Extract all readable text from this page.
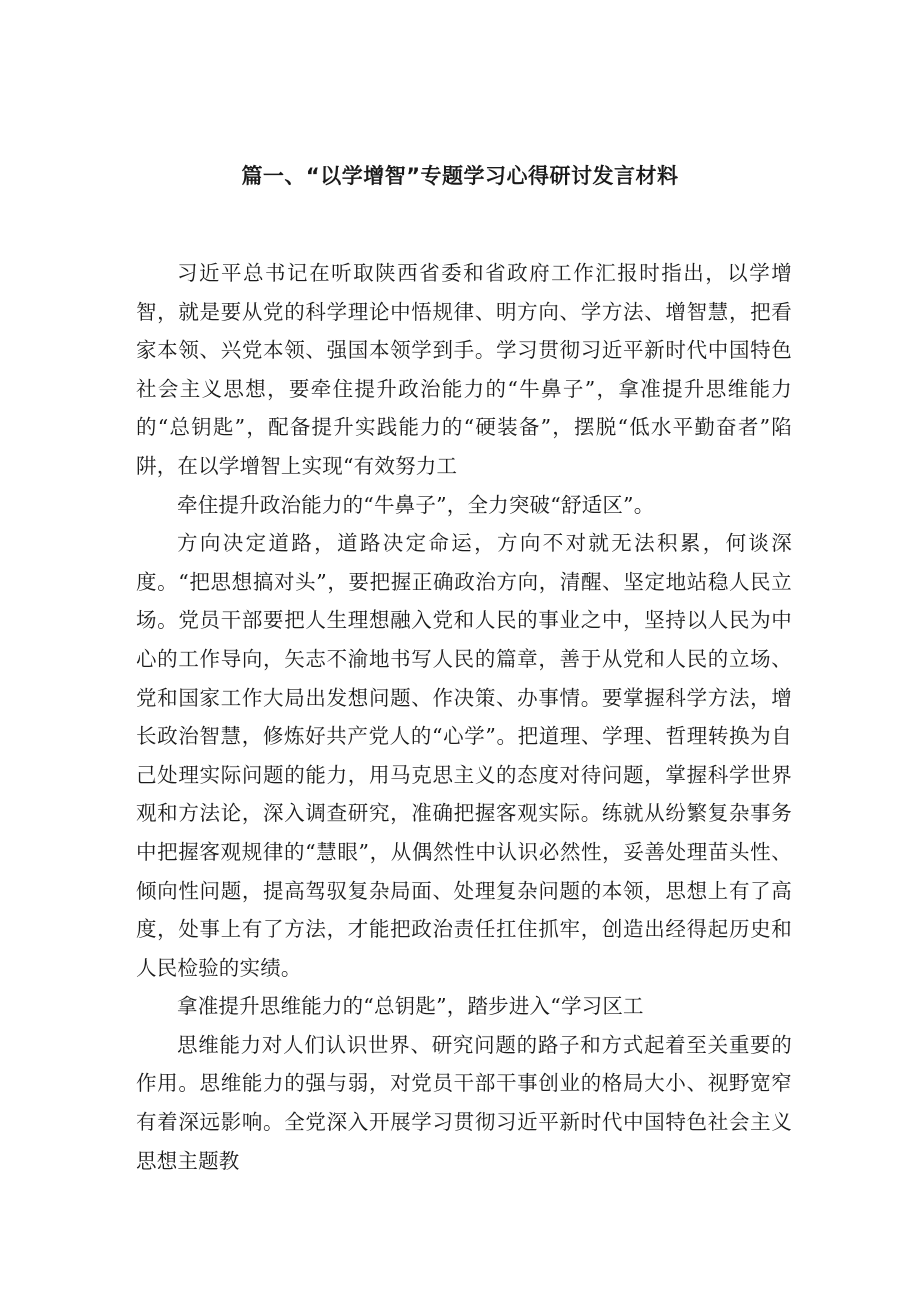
篇一、“以学增智”专题学习心得研讨发言材料

习近平总书记在听取陕西省委和省政府工作汇报时指出，以学增智，就是要从党的科学理论中悟规律、明方向、学方法、增智慧，把看家本领、兴党本领、强国本领学到手。学习贯彻习近平新时代中国特色社会主义思想，要牵住提升政治能力的“牛鼻子”，拿准提升思维能力的“总钥匙”，配备提升实践能力的“硬装备”，摆脱“低水平勤奋者”陷阱，在以学增智上实现“有效努力工

牵住提升政治能力的“牛鼻子”，全力突破“舒适区”。

方向决定道路，道路决定命运，方向不对就无法积累，何谈深度。“把思想搞对头”，要把握正确政治方向，清醒、坚定地站稳人民立场。党员干部要把人生理想融入党和人民的事业之中，坚持以人民为中心的工作导向，矢志不渝地书写人民的篇章，善于从党和人民的立场、党和国家工作大局出发想问题、作决策、办事情。要掌握科学方法，增长政治智慧，修炼好共产党人的“心学”。把道理、学理、哲理转换为自己处理实际问题的能力，用马克思主义的态度对待问题，掌握科学世界观和方法论，深入调查研究，准确把握客观实际。练就从纷繁复杂事务中把握客观规律的“慧眼”，从偶然性中认识必然性，妥善处理苗头性、倾向性问题，提高驾驭复杂局面、处理复杂问题的本领，思想上有了高度，处事上有了方法，才能把政治责任扛住抓牢，创造出经得起历史和人民检验的实绩。

拿准提升思维能力的“总钥匙”，踏步进入“学习区工

思维能力对人们认识世界、研究问题的路子和方式起着至关重要的作用。思维能力的强与弱，对党员干部干事创业的格局大小、视野宽窄有着深远影响。全党深入开展学习贯彻习近平新时代中国特色社会主义思想主题教
